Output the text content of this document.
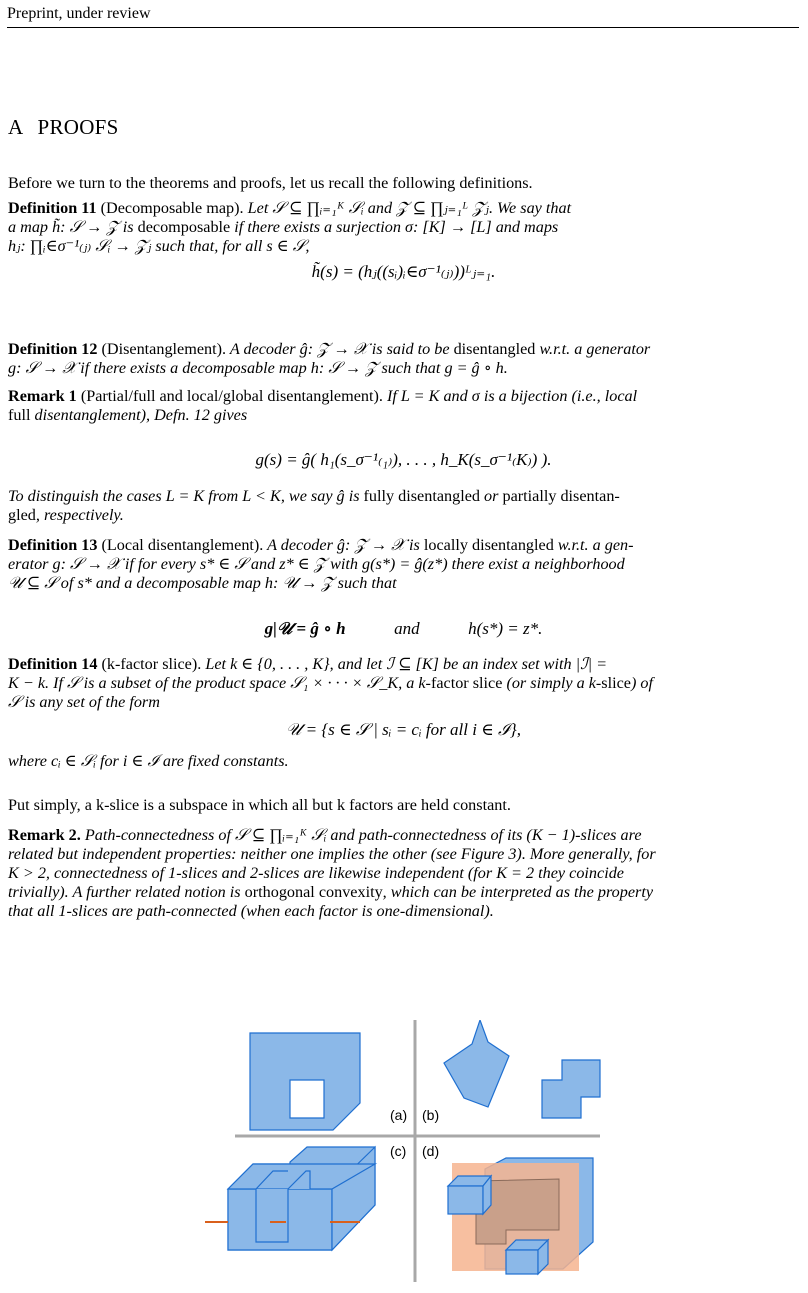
Preprint, under review
A PROOFS
Before we turn to the theorems and proofs, let us recall the following definitions.
Definition 11 (Decomposable map). Let 𝒮 ⊆ ∏ᵢ₌₁ᴷ 𝒮ᵢ and 𝒵 ⊆ ∏ⱼ₌₁ᴸ 𝒵ⱼ. We say that
a map h̃: 𝒮 → 𝒵 is decomposable if there exists a surjection σ: [K] → [L] and maps
hⱼ: ∏ᵢ∈σ⁻¹₍ⱼ₎ 𝒮ᵢ → 𝒵ⱼ such that, for all s ∈ 𝒮,
h̃(s) = (hⱼ((sᵢ)ᵢ∈σ⁻¹₍ⱼ₎))ᴸⱼ₌₁.
Definition 12 (Disentanglement). A decoder ĝ: 𝒵 → 𝒳 is said to be disentangled w.r.t. a generator
g: 𝒮 → 𝒳 if there exists a decomposable map h: 𝒮 → 𝒵 such that g = ĝ ∘ h.
Remark 1 (Partial/full and local/global disentanglement). If L = K and σ is a bijection (i.e., local
full disentanglement), Defn. 12 gives
g(s) = ĝ( h₁(s_σ⁻¹₍₁₎), . . . , h_K(s_σ⁻¹₍K₎) ).
To distinguish the cases L = K from L < K, we say ĝ is fully disentangled or partially disentan-
gled, respectively.
Definition 13 (Local disentanglement). A decoder ĝ: 𝒵 → 𝒳 is locally disentangled w.r.t. a gen-
erator g: 𝒮 → 𝒳 if for every s* ∈ 𝒮 and z* ∈ 𝒵 with g(s*) = ĝ(z*) there exist a neighborhood
𝒰 ⊆ 𝒮 of s* and a decomposable map h: 𝒰 → 𝒵 such that
g|𝒰 = ĝ ∘ h	and	h(s*) = z*.
Definition 14 (k-factor slice). Let k ∈ {0, . . . , K}, and let ℐ ⊆ [K] be an index set with |ℐ| =
K − k. If 𝒮 is a subset of the product space 𝒮₁ × · · · × 𝒮_K, a k-factor slice (or simply a k-slice) of
𝒮 is any set of the form
𝒰 = {s ∈ 𝒮 | sᵢ = cᵢ for all i ∈ ℐ},
where cᵢ ∈ 𝒮ᵢ for i ∈ ℐ are fixed constants.
Put simply, a k-slice is a subspace in which all but k factors are held constant.
Remark 2. Path-connectedness of 𝒮 ⊆ ∏ᵢ₌₁ᴷ 𝒮ᵢ and path-connectedness of its (K − 1)-slices are
related but independent properties: neither one implies the other (see Figure 3). More generally, for
K > 2, connectedness of 1-slices and 2-slices are likewise independent (for K = 2 they coincide
trivially). A further related notion is orthogonal convexity, which can be interpreted as the property
that all 1-slices are path-connected (when each factor is one-dimensional).
(a) (b)
(c) (d)
